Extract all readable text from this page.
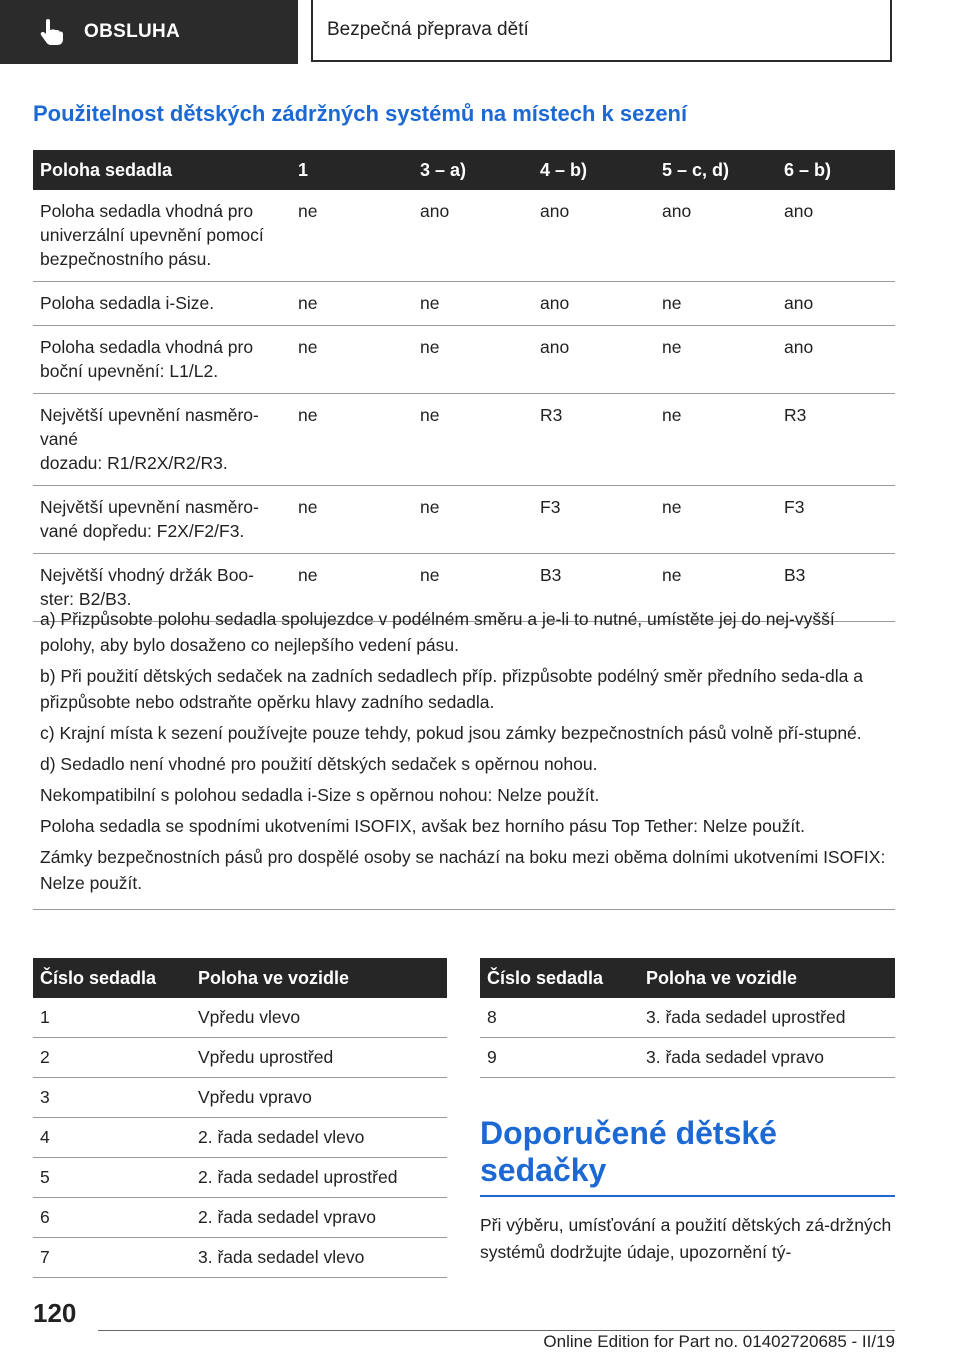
OBSLUHA	Bezpečná přeprava dětí
Použitelnost dětských zádržných systémů na místech k sezení
Poloha sedadla	1	3 – a)	4 – b)	5 – c, d)	6 – b)
Poloha sedadla vhodná pro univerzální upevnění pomocí bezpečnostního pásu.	ne	ano	ano	ano	ano
Poloha sedadla i-Size.	ne	ne	ano	ne	ano
Poloha sedadla vhodná pro boční upevnění: L1/L2.	ne	ne	ano	ne	ano
Největší upevnění nasměro-vané
dozadu: R1/R2X/R2/R3.	ne	ne	R3	ne	R3
Největší upevnění nasměro-vané dopředu: F2X/F2/F3.	ne	ne	F3	ne	F3
Největší vhodný držák Boo-ster: B2/B3.	ne	ne	B3	ne	B3

a) Přizpůsobte polohu sedadla spolujezdce v podélném směru a je-li to nutné, umístěte jej do nej-vyšší polohy, aby bylo dosaženo co nejlepšího vedení pásu.

b) Při použití dětských sedaček na zadních sedadlech příp. přizpůsobte podélný směr předního seda-dla a přizpůsobte nebo odstraňte opěrku hlavy zadního sedadla.

c) Krajní místa k sezení používejte pouze tehdy, pokud jsou zámky bezpečnostních pásů volně pří-stupné.

d) Sedadlo není vhodné pro použití dětských sedaček s opěrnou nohou.

Nekompatibilní s polohou sedadla i-Size s opěrnou nohou: Nelze použít.

Poloha sedadla se spodními ukotveními ISOFIX, avšak bez horního pásu Top Tether: Nelze použít.

Zámky bezpečnostních pásů pro dospělé osoby se nachází na boku mezi oběma dolními ukotveními ISOFIX: Nelze použít.

Číslo sedadla	Poloha ve vozidle
1	Vpředu vlevo
2	Vpředu uprostřed
3	Vpředu vpravo
4	2. řada sedadel vlevo
5	2. řada sedadel uprostřed
6	2. řada sedadel vpravo
7	3. řada sedadel vlevo
Číslo sedadla	Poloha ve vozidle
8	3. řada sedadel uprostřed
9	3. řada sedadel vpravo
Doporučené dětské sedačky

Při výběru, umísťování a použití dětských zá-držných systémů dodržujte údaje, upozornění tý-

120
Online Edition for Part no. 01402720685 - II/19
